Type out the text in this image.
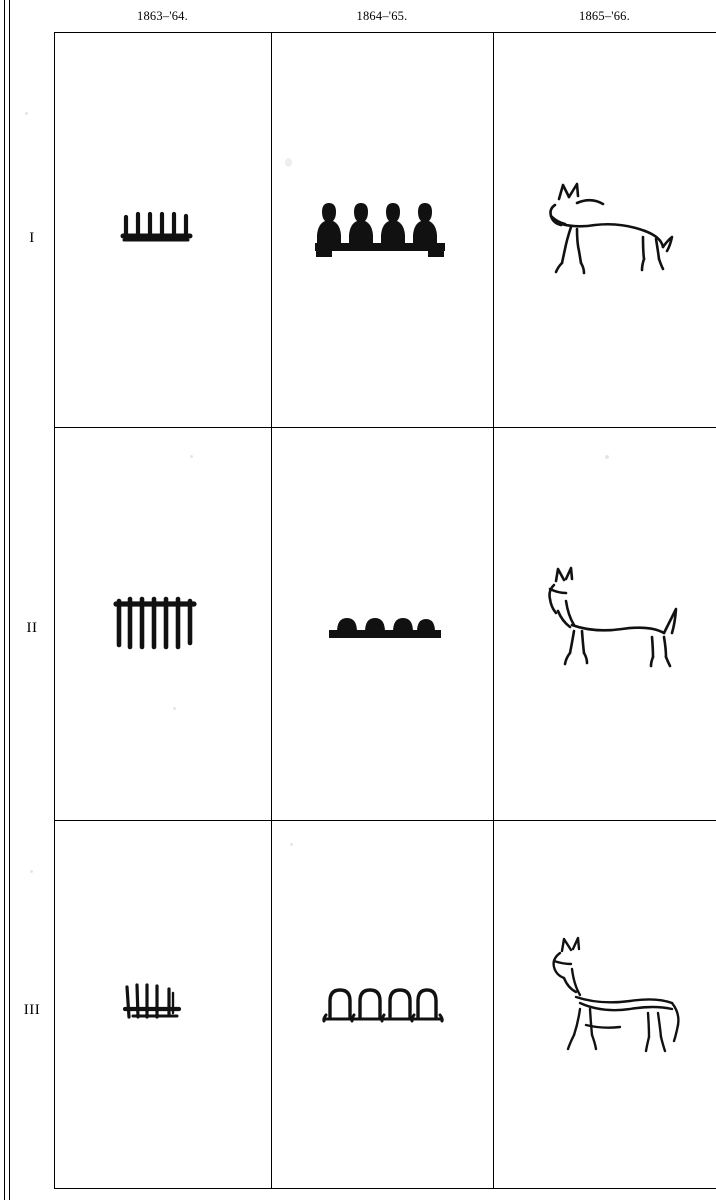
1863–'64.	1864–'65.	1865–'66.
I
II
III
